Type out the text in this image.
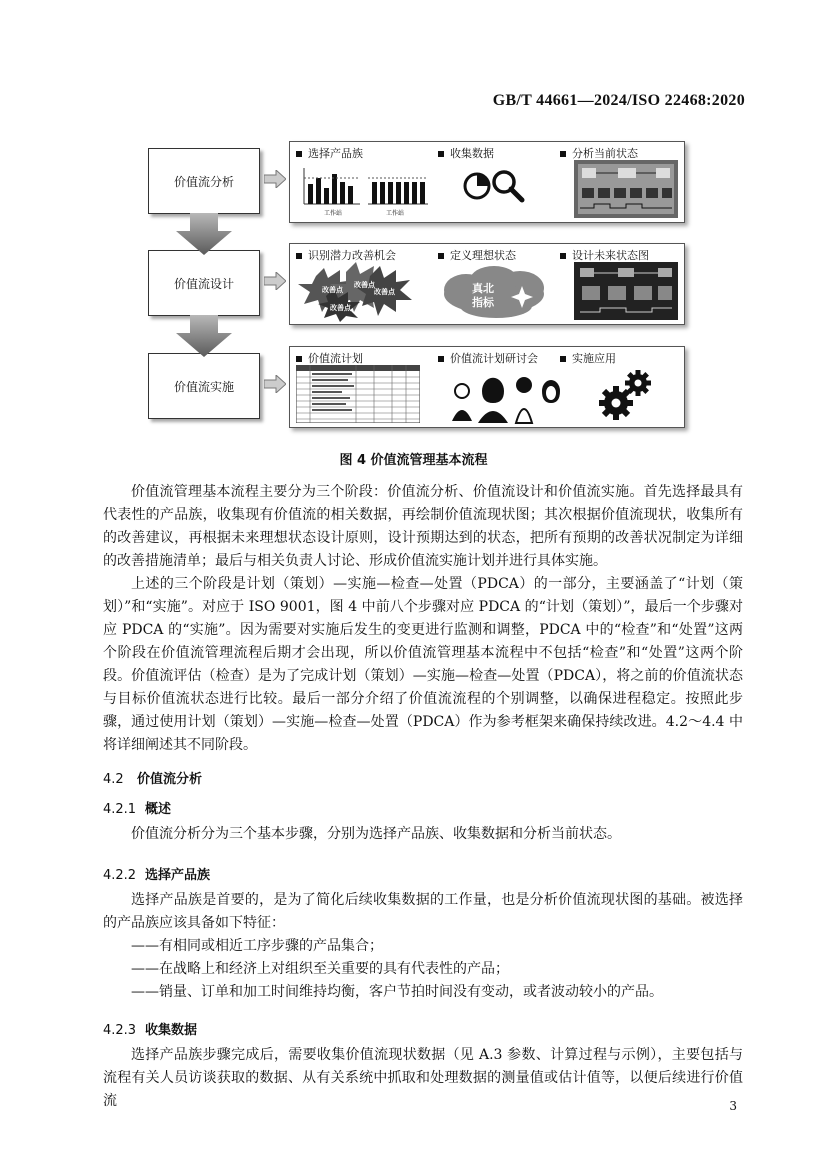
GB/T 44661—2024/ISO 22468:2020
价值流分析
价值流设计
价值流实施
选择产品族	收集数据	分析当前状态
工作站	工作站
识别潜力改善机会	定义理想状态	设计未来状态图
改善点
改善点
改善点
改善点
真北
指标
价值流计划	价值流计划研讨会	实施应用
图 4 价值流管理基本流程

价值流管理基本流程主要分为三个阶段：价值流分析、价值流设计和价值流实施。首先选择最具有代表性的产品族，收集现有价值流的相关数据，再绘制价值流现状图；其次根据价值流现状，收集所有的改善建议，再根据未来理想状态设计原则，设计预期达到的状态，把所有预期的改善状况制定为详细的改善措施清单；最后与相关负责人讨论、形成价值流实施计划并进行具体实施。

上述的三个阶段是计划（策划）—实施—检查—处置（PDCA）的一部分，主要涵盖了“计划（策划）”和“实施”。对应于 ISO 9001，图 4 中前八个步骤对应 PDCA 的“计划（策划）”，最后一个步骤对应 PDCA 的“实施”。因为需要对实施后发生的变更进行监测和调整，PDCA 中的“检查”和“处置”这两个阶段在价值流管理流程后期才会出现，所以价值流管理基本流程中不包括“检查”和“处置”这两个阶段。价值流评估（检查）是为了完成计划（策划）—实施—检查—处置（PDCA），将之前的价值流状态与目标价值流状态进行比较。最后一部分介绍了价值流流程的个别调整，以确保进程稳定。按照此步骤，通过使用计划（策划）—实施—检查—处置（PDCA）作为参考框架来确保持续改进。4.2～4.4 中将详细阐述其不同阶段。

4.2 价值流分析
4.2.1 概述

价值流分析分为三个基本步骤，分别为选择产品族、收集数据和分析当前状态。

4.2.2 选择产品族

选择产品族是首要的，是为了简化后续收集数据的工作量，也是分析价值流现状图的基础。被选择的产品族应该具备如下特征：

——有相同或相近工序步骤的产品集合；
——在战略上和经济上对组织至关重要的具有代表性的产品；
——销量、订单和加工时间维持均衡，客户节拍时间没有变动，或者波动较小的产品。
4.2.3 收集数据

选择产品族步骤完成后，需要收集价值流现状数据（见 A.3 参数、计算过程与示例），主要包括与流程有关人员访谈获取的数据、从有关系统中抓取和处理数据的测量值或估计值等，以便后续进行价值流	3
